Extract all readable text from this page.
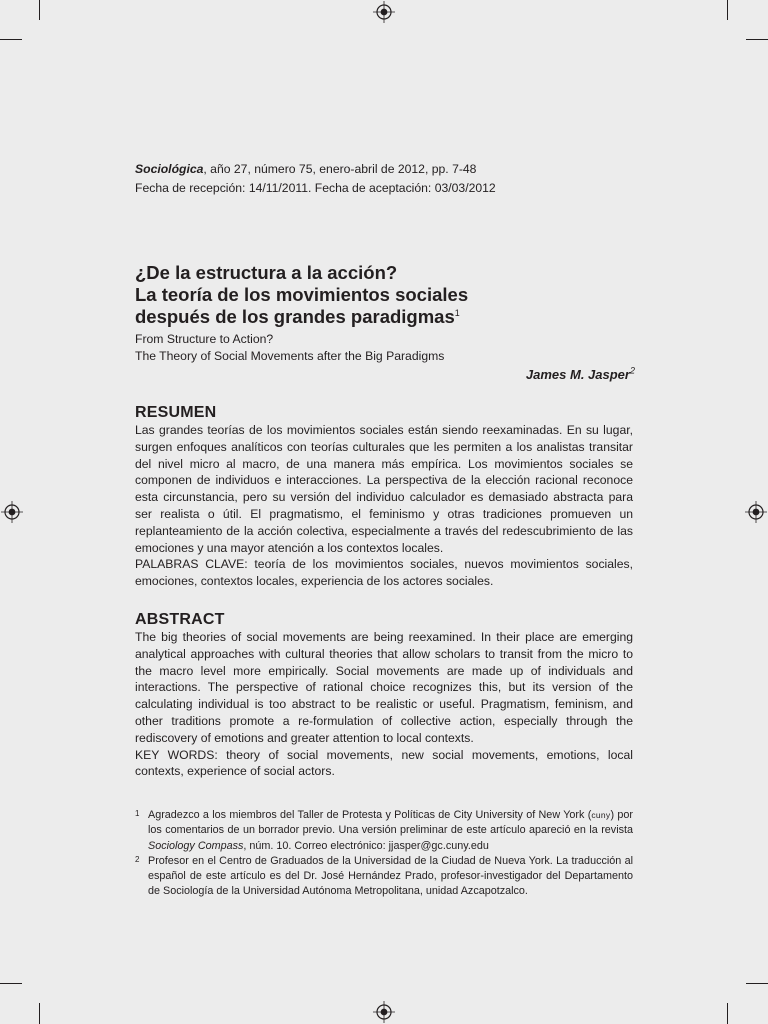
Sociológica, año 27, número 75, enero-abril de 2012, pp. 7-48
Fecha de recepción: 14/11/2011. Fecha de aceptación: 03/03/2012
¿De la estructura a la acción?
La teoría de los movimientos sociales
después de los grandes paradigmas$^1$
From Structure to Action?
The Theory of Social Movements after the Big Paradigms
James M. Jasper$^2$
RESUMEN

Las grandes teorías de los movimientos sociales están siendo reexaminadas. En su lugar, surgen enfoques analíticos con teorías culturales que les permiten a los analistas transitar del nivel micro al macro, de una manera más empírica. Los movimientos sociales se componen de individuos e interacciones. La perspectiva de la elección racional reconoce esta circunstancia, pero su versión del individuo calculador es demasiado abstracta para ser realista o útil. El pragmatismo, el feminismo y otras tradiciones promueven un replanteamiento de la acción colectiva, especialmente a través del redescubrimiento de las emociones y una mayor atención a los contextos locales.

PALABRAS CLAVE: teoría de los movimientos sociales, nuevos movimientos sociales, emociones, contextos locales, experiencia de los actores sociales.

ABSTRACT

The big theories of social movements are being reexamined. In their place are emerging analytical approaches with cultural theories that allow scholars to transit from the micro to the macro level more empirically. Social movements are made up of individuals and interactions. The perspective of rational choice recognizes this, but its version of the calculating individual is too abstract to be realistic or useful. Pragmatism, feminism, and other traditions promote a re-formulation of collective action, especially through the rediscovery of emotions and greater attention to local contexts.

KEY WORDS: theory of social movements, new social movements, emotions, local contexts, experience of social actors.

1 Agradezco a los miembros del Taller de Protesta y Políticas de City University of New York (cuny) por los comentarios de un borrador previo. Una versión preliminar de este artículo apareció en la revista Sociology Compass, núm. 10. Correo electrónico: jjasper@gc.cuny.edu
2 Profesor en el Centro de Graduados de la Universidad de la Ciudad de Nueva York. La traducción al español de este artículo es del Dr. José Hernández Prado, profesor-investigador del Departamento de Sociología de la Universidad Autónoma Metropolitana, unidad Azcapotzalco.
